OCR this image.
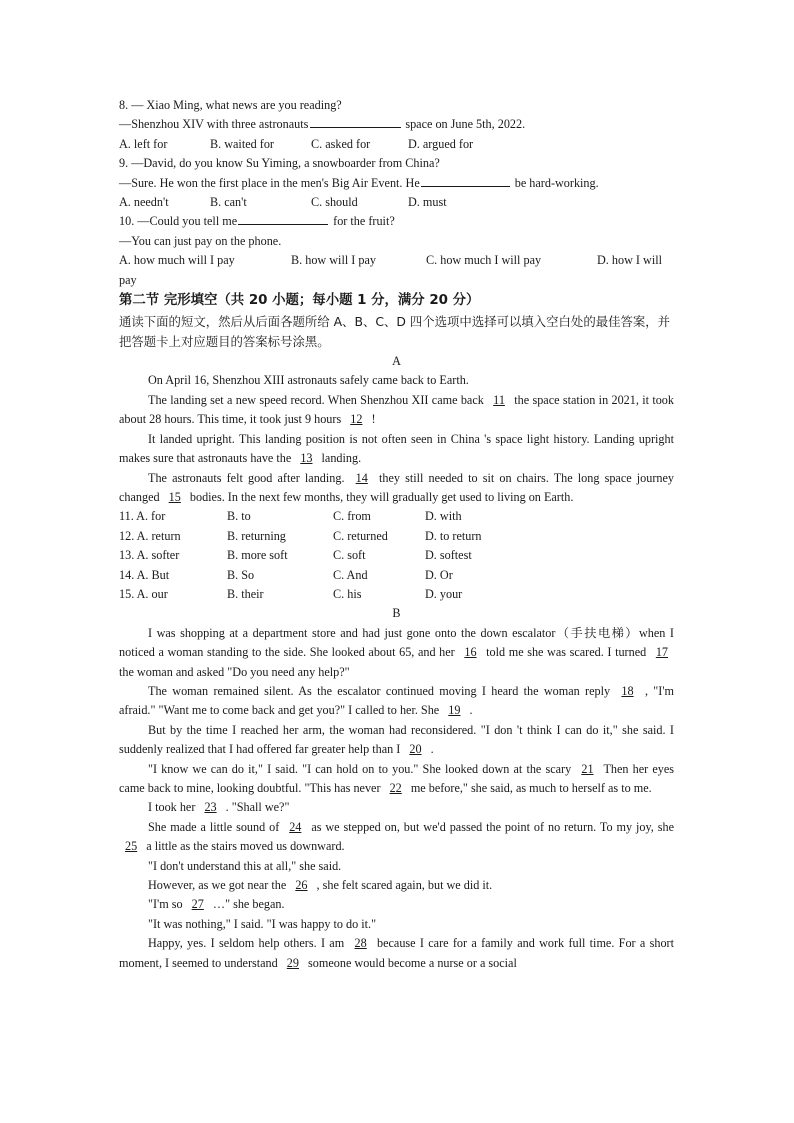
8. — Xiao Ming, what news are you reading?
—Shenzhou XIV with three astronauts	space on June 5th, 2022.
A. left for	B. waited for	C. asked for	D. argued for
9. —David, do you know Su Yiming, a snowboarder from China?
—Sure. He won the first place in the men's Big Air Event. He	be hard-working.
A. needn't	B. can't	C. should	D. must
10. —Could you tell me	for the fruit?
—You can just pay on the phone.
A. how much will I pay	B. how will I pay	C. how much I will pay	D. how I will
pay
第二节 完形填空（共 20 小题；每小题 1 分，满分 20 分）
通读下面的短文，然后从后面各题所给 A、B、C、D 四个选项中选择可以填入空白处的最佳答案，并把答题卡上对应题目的答案标号涂黑。
A
On April 16, Shenzhou XIII astronauts safely came back to Earth.
The landing set a new speed record. When Shenzhou XII came back 11 the space station in 2021, it took about 28 hours. This time, it took just 9 hours 12 !
It landed upright. This landing position is not often seen in China 's space light history. Landing upright makes sure that astronauts have the 13 landing.
The astronauts felt good after landing. 14 they still needed to sit on chairs. The long space journey changed 15 bodies. In the next few months, they will gradually get used to living on Earth.
11. A. for	B. to	C. from	D. with
12. A. return	B. returning	C. returned	D. to return
13. A. softer	B. more soft	C. soft	D. softest
14. A. But	B. So	C. And	D. Or
15. A. our	B. their	C. his	D. your
B
I was shopping at a department store and had just gone onto the down escalator（手扶电梯）when I noticed a woman standing to the side. She looked about 65, and her 16 told me she was scared. I turned 17 the woman and asked "Do you need any help?"
The woman remained silent. As the escalator continued moving I heard the woman reply 18 , "I'm afraid." "Want me to come back and get you?" I called to her. She 19 .
But by the time I reached her arm, the woman had reconsidered. "I don 't think I can do it," she said. I suddenly realized that I had offered far greater help than I 20 .
"I know we can do it," I said. "I can hold on to you." She looked down at the scary 21 Then her eyes came back to mine, looking doubtful. "This has never 22 me before," she said, as much to herself as to me.
I took her 23 . "Shall we?"
She made a little sound of 24 as we stepped on, but we'd passed the point of no return. To my joy, she 25 a little as the stairs moved us downward.
"I don't understand this at all," she said.
However, as we got near the 26 , she felt scared again, but we did it.
"I'm so 27 …" she began.
"It was nothing," I said. "I was happy to do it."
Happy, yes. I seldom help others. I am 28 because I care for a family and work full time. For a short moment, I seemed to understand 29 someone would become a nurse or a social
